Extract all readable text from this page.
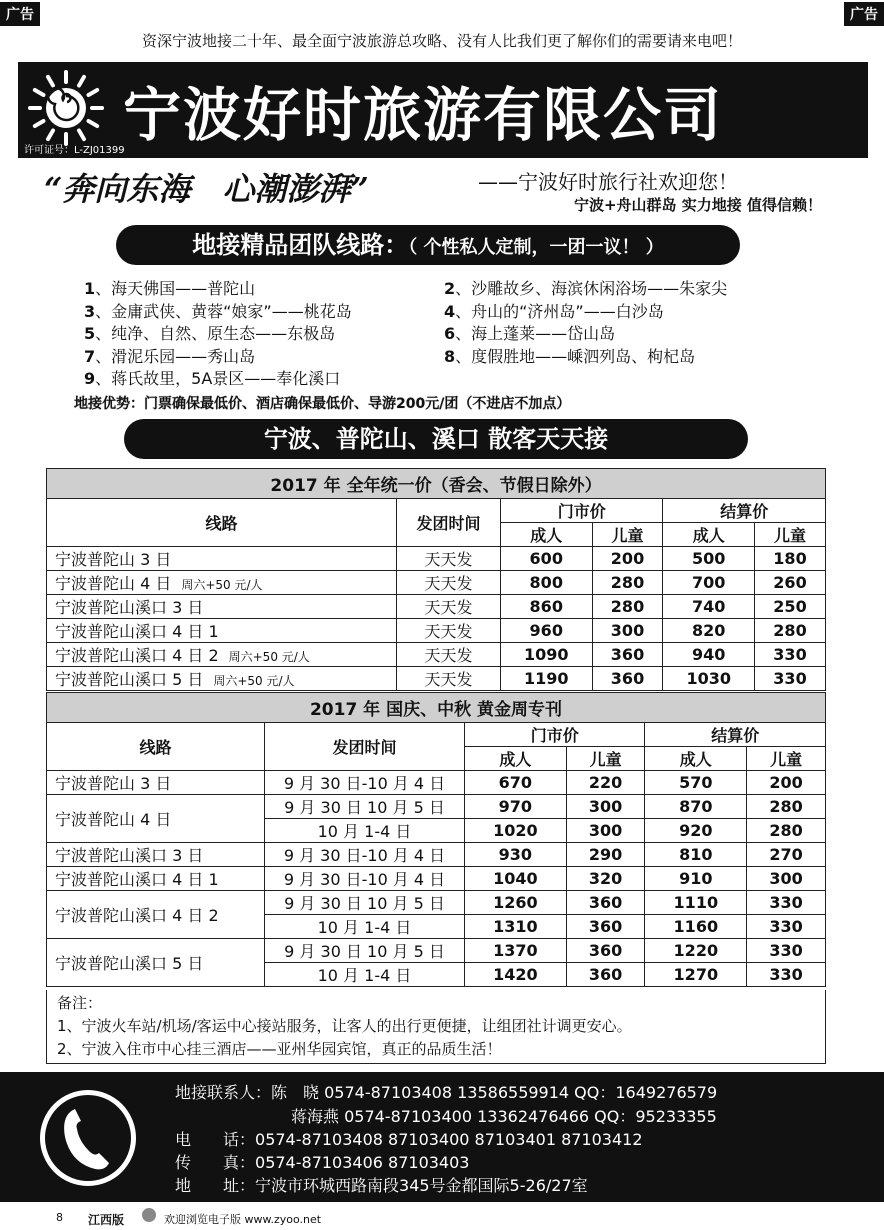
广告	广告
资深宁波地接二十年、最全面宁波旅游总攻略、没有人比我们更了解你们的需要请来电吧！
宁波好时旅游有限公司
许可证号：L-ZJ01399
“奔向东海　心潮澎湃”	——宁波好时旅行社欢迎您！
宁波+舟山群岛 实力地接 值得信赖！
地接精品团队线路：（ 个性私人定制，一团一议！ ）
1、海天佛国——普陀山	2、沙雕故乡、海滨休闲浴场——朱家尖
3、金庸武侠、黄蓉“娘家”——桃花岛	4、舟山的“济州岛”——白沙岛
5、纯净、自然、原生态——东极岛	6、海上蓬莱——岱山岛
7、滑泥乐园——秀山岛	8、度假胜地——嵊泗列岛、枸杞岛
9、蒋氏故里，5A景区——奉化溪口
地接优势：门票确保最低价、酒店确保最低价、导游200元/团（不进店不加点）
宁波、普陀山、溪口 散客天天接
2017 年 全年统一价（香会、节假日除外）					
线路	发团时间	门市价		结算价	
		成人	儿童	成人	儿童
宁波普陀山 3 日	天天发	600	200	500	180
宁波普陀山 4 日 周六+50 元/人	天天发	800	280	700	260
宁波普陀山溪口 3 日	天天发	860	280	740	250
宁波普陀山溪口 4 日 1	天天发	960	300	820	280
宁波普陀山溪口 4 日 2 周六+50 元/人	天天发	1090	360	940	330
宁波普陀山溪口 5 日 周六+50 元/人	天天发	1190	360	1030	330
2017 年 国庆、中秋 黄金周专刊					
线路	发团时间	门市价		结算价	
		成人	儿童	成人	儿童
宁波普陀山 3 日	9 月 30 日-10 月 4 日	670	220	570	200
宁波普陀山 4 日	9 月 30 日 10 月 5 日	970	300	870	280
	10 月 1-4 日	1020	300	920	280
宁波普陀山溪口 3 日	9 月 30 日-10 月 4 日	930	290	810	270
宁波普陀山溪口 4 日 1	9 月 30 日-10 月 4 日	1040	320	910	300
宁波普陀山溪口 4 日 2	9 月 30 日 10 月 5 日	1260	360	1110	330
	10 月 1-4 日	1310	360	1160	330
宁波普陀山溪口 5 日	9 月 30 日 10 月 5 日	1370	360	1220	330
	10 月 1-4 日	1420	360	1270	330
备注：
1、宁波火车站/机场/客运中心接站服务，让客人的出行更便捷，让组团社计调更安心。
2、宁波入住市中心挂三酒店——亚州华园宾馆，真正的品质生活！
地接联系人：陈　晓 0574-87103408 13586559914 QQ：1649276579
蒋海燕 0574-87103400 13362476466 QQ：95233355
电　　话：0574-87103408 87103400 87103401 87103412
传　　真：0574-87103406 87103403
地　　址：宁波市环城西路南段345号金都国际5-26/27室
8 江西版	欢迎浏览电子版 www.zyoo.net
